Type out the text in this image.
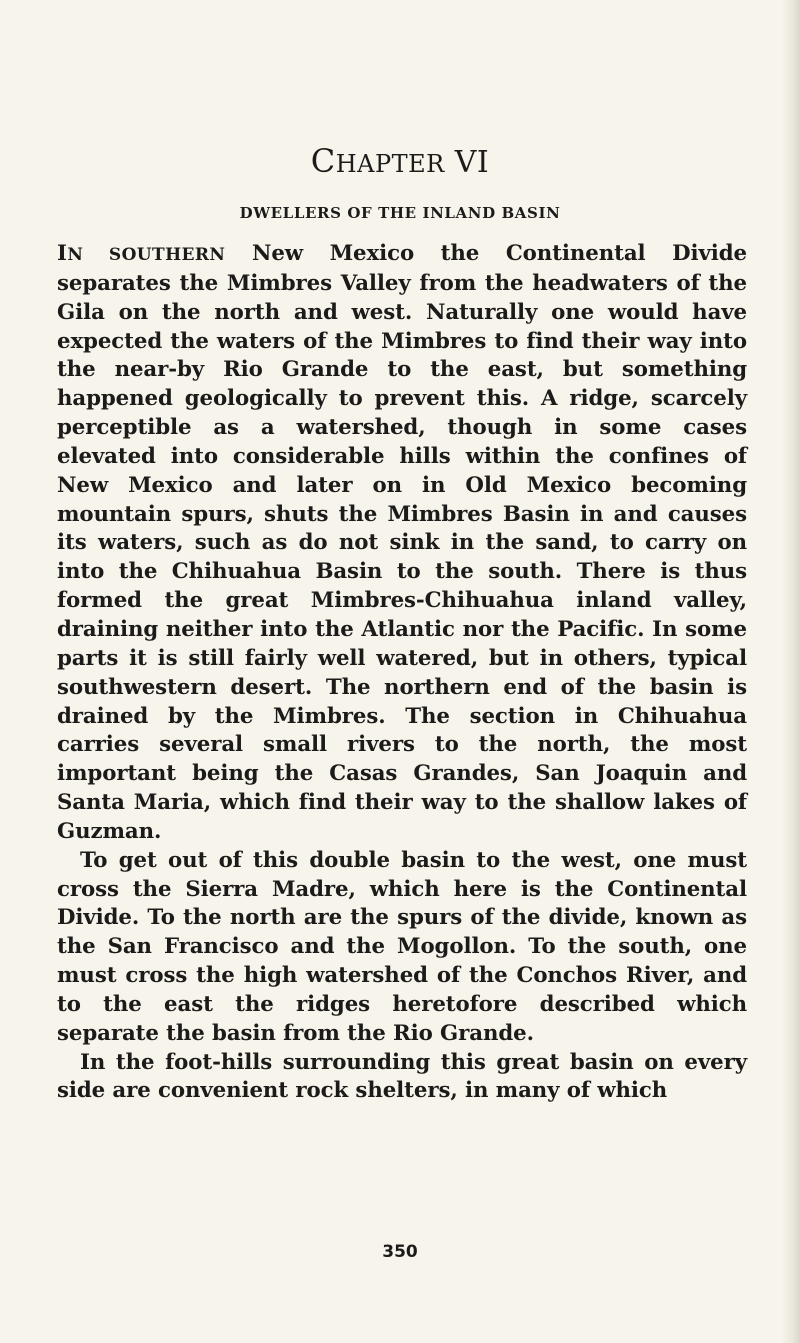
CHAPTER VI
DWELLERS OF THE INLAND BASIN

IN SOUTHERN New Mexico the Continental Divide separates the Mimbres Valley from the headwaters of the Gila on the north and west. Naturally one would have expected the waters of the Mimbres to find their way into the near-by Rio Grande to the east, but something happened geologically to prevent this. A ridge, scarcely perceptible as a watershed, though in some cases elevated into considerable hills within the confines of New Mexico and later on in Old Mexico becoming mountain spurs, shuts the Mimbres Basin in and causes its waters, such as do not sink in the sand, to carry on into the Chihuahua Basin to the south. There is thus formed the great Mimbres-Chihuahua inland valley, draining neither into the Atlantic nor the Pacific. In some parts it is still fairly well watered, but in others, typical southwestern desert. The northern end of the basin is drained by the Mimbres. The section in Chihuahua carries several small rivers to the north, the most important being the Casas Grandes, San Joaquin and Santa Maria, which find their way to the shallow lakes of Guzman.

To get out of this double basin to the west, one must cross the Sierra Madre, which here is the Continental Divide. To the north are the spurs of the divide, known as the San Francisco and the Mogollon. To the south, one must cross the high watershed of the Conchos River, and to the east the ridges heretofore described which separate the basin from the Rio Grande.

In the foot-hills surrounding this great basin on every side are convenient rock shelters, in many of which

350
